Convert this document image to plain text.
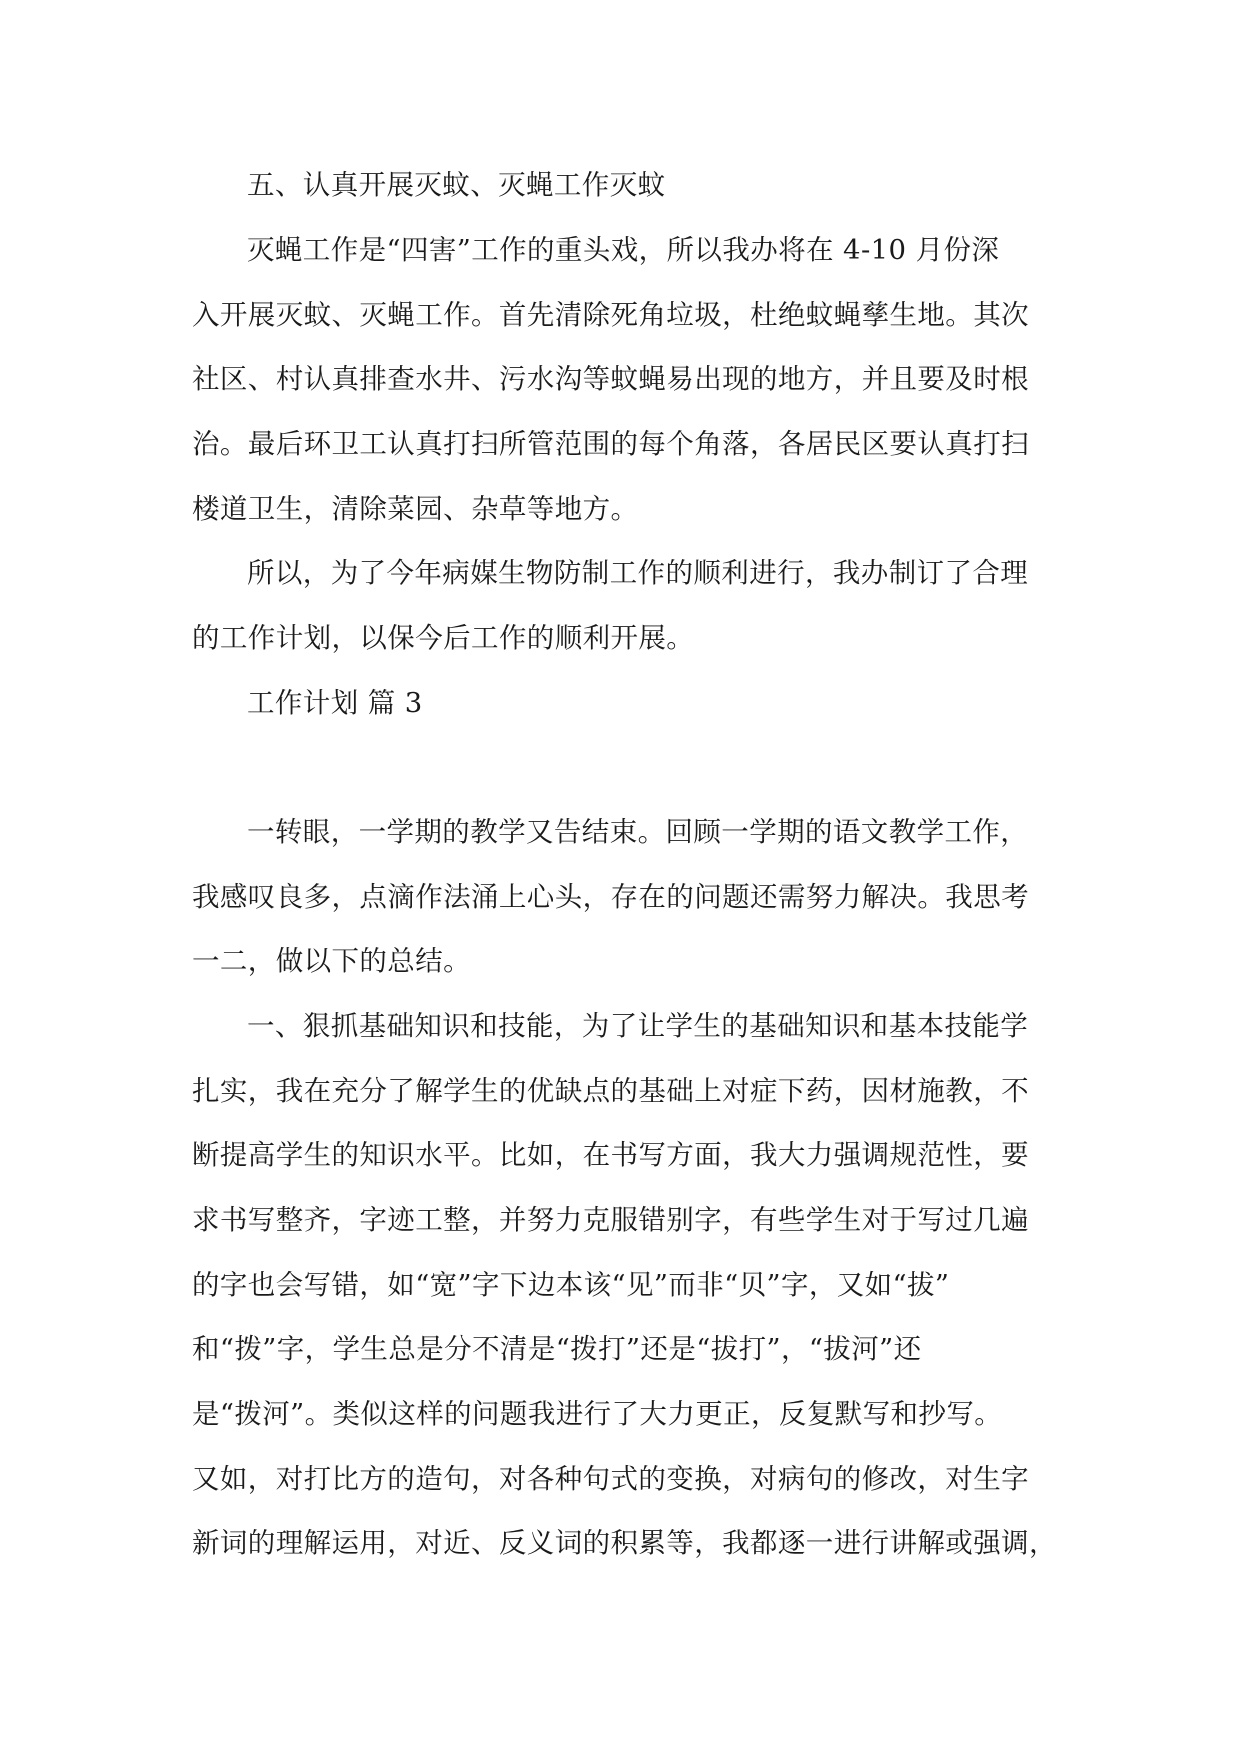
五、认真开展灭蚊、灭蝇工作灭蚊
灭蝇工作是“四害”工作的重头戏，所以我办将在 4-10 月份深
入开展灭蚊、灭蝇工作。首先清除死角垃圾，杜绝蚊蝇孳生地。其次
社区、村认真排查水井、污水沟等蚊蝇易出现的地方，并且要及时根
治。最后环卫工认真打扫所管范围的每个角落，各居民区要认真打扫
楼道卫生，清除菜园、杂草等地方。
所以，为了今年病媒生物防制工作的顺利进行，我办制订了合理
的工作计划，以保今后工作的顺利开展。
工作计划 篇 3
一转眼，一学期的教学又告结束。回顾一学期的语文教学工作，
我感叹良多，点滴作法涌上心头，存在的问题还需努力解决。我思考
一二，做以下的总结。
一、狠抓基础知识和技能，为了让学生的基础知识和基本技能学
扎实，我在充分了解学生的优缺点的基础上对症下药，因材施教，不
断提高学生的知识水平。比如，在书写方面，我大力强调规范性，要
求书写整齐，字迹工整，并努力克服错别字，有些学生对于写过几遍
的字也会写错，如“宽”字下边本该“见”而非“贝”字，又如“拔”
和“拨”字，学生总是分不清是“拨打”还是“拔打”，“拔河”还
是“拨河”。类似这样的问题我进行了大力更正，反复默写和抄写。
又如，对打比方的造句，对各种句式的变换，对病句的修改，对生字
新词的理解运用，对近、反义词的积累等，我都逐一进行讲解或强调，
